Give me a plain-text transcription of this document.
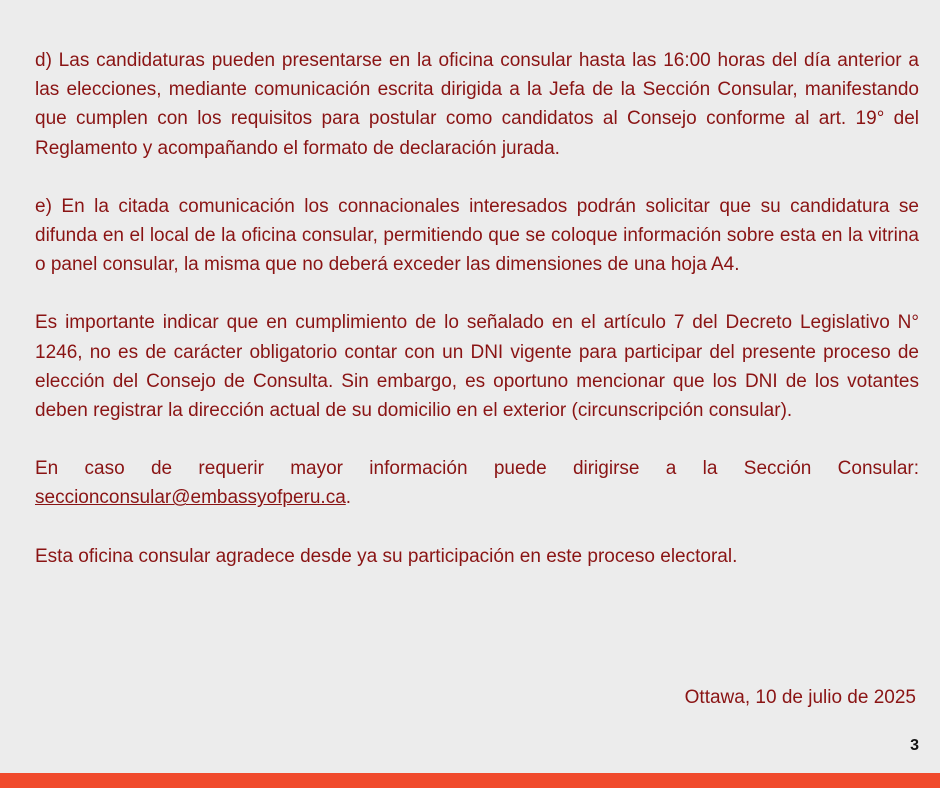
d) Las candidaturas pueden presentarse en la oficina consular hasta las 16:00 horas del día anterior a las elecciones, mediante comunicación escrita dirigida a la Jefa de la Sección Consular, manifestando que cumplen con los requisitos para postular como candidatos al Consejo conforme al art. 19° del Reglamento y acompañando el formato de declaración jurada.

e) En la citada comunicación los connacionales interesados podrán solicitar que su candidatura se difunda en el local de la oficina consular, permitiendo que se coloque información sobre esta en la vitrina o panel consular, la misma que no deberá exceder las dimensiones de una hoja A4.

Es importante indicar que en cumplimiento de lo señalado en el artículo 7 del Decreto Legislativo N° 1246, no es de carácter obligatorio contar con un DNI vigente para participar del presente proceso de elección del Consejo de Consulta. Sin embargo, es oportuno mencionar que los DNI de los votantes deben registrar la dirección actual de su domicilio en el exterior (circunscripción consular).

En caso de requerir mayor información puede dirigirse a la Sección Consular: seccionconsular@embassyofperu.ca.

Esta oficina consular agradece desde ya su participación en este proceso electoral.

Ottawa, 10 de julio de 2025
3
